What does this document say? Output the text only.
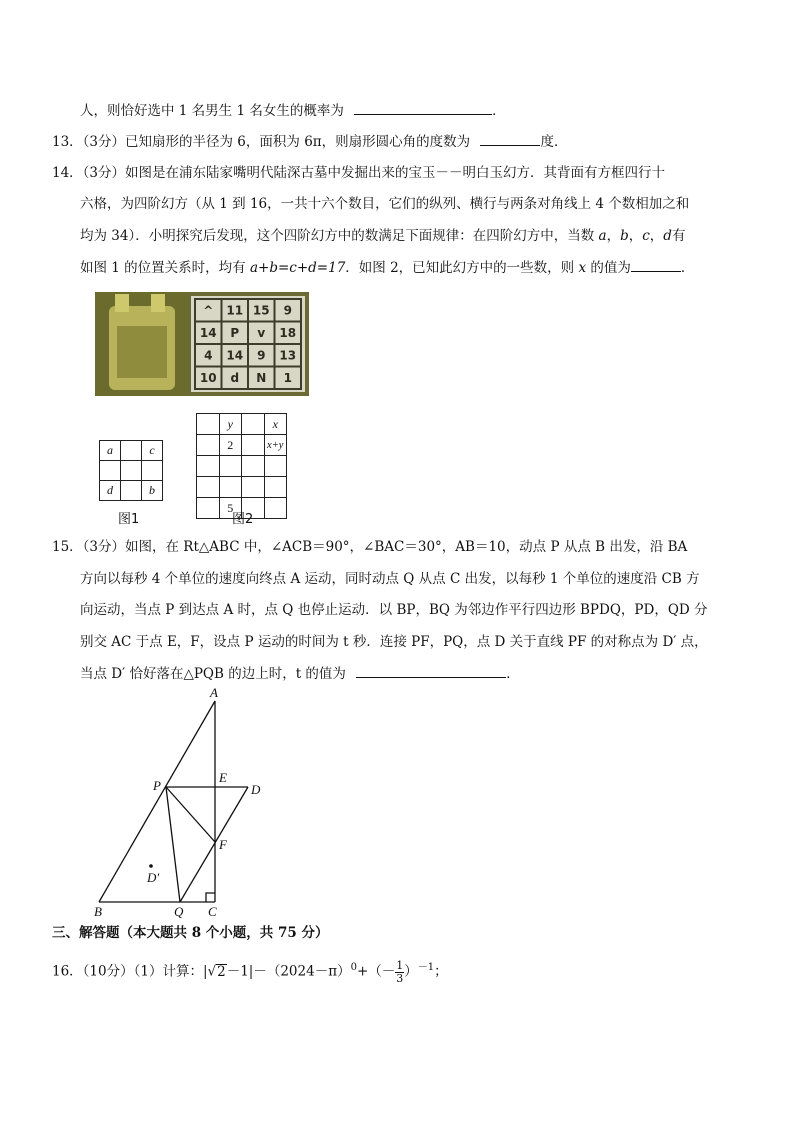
人，则恰好选中 1 名男生 1 名女生的概率为	．
13．（3分）已知扇形的半径为 6，面积为 6π，则扇形圆心角的度数为	度．
14．（3分）如图是在浦东陆家嘴明代陆深古墓中发掘出来的宝玉－－明白玉幻方．其背面有方框四行十
六格，为四阶幻方（从 1 到 16，一共十六个数目，它们的纵列、横行与两条对角线上 4 个数相加之和
均为 34）．小明探究后发现，这个四阶幻方中的数满足下面规律：在四阶幻方中，当数 a，b，c，d有
如图 1 的位置关系时，均有 a+b=c+d=17．如图 2，已知此幻方中的一些数，则 x 的值为	．
^ 11 15 9
14 P v 18
4 14 9 13
10 d N 1
a		c

d		b
图1
	y		x
	2		x+y

	5		
图2
15．（3分）如图，在 Rt△ABC 中，∠ACB＝90°，∠BAC＝30°，AB＝10，动点 P 从点 B 出发，沿 BA
方向以每秒 4 个单位的速度向终点 A 运动，同时动点 Q 从点 C 出发，以每秒 1 个单位的速度沿 CB 方
向运动，当点 P 到达点 A 时，点 Q 也停止运动．以 BP，BQ 为邻边作平行四边形 BPDQ，PD，QD 分
别交 AC 于点 E，F，设点 P 运动的时间为 t 秒．连接 PF，PQ，点 D 关于直线 PF 的对称点为 D′ 点，
当点 D′ 恰好落在△PQB 的边上时，t 的值为	．
A
B	C
D
E
F
P
Q
D′
三、解答题（本大题共 8 个小题，共 75 分）
16．（10分）（1）计算：$|√2-1|-(2024-\pi)^0+(- \frac{1}{3} )^{-1}$；
